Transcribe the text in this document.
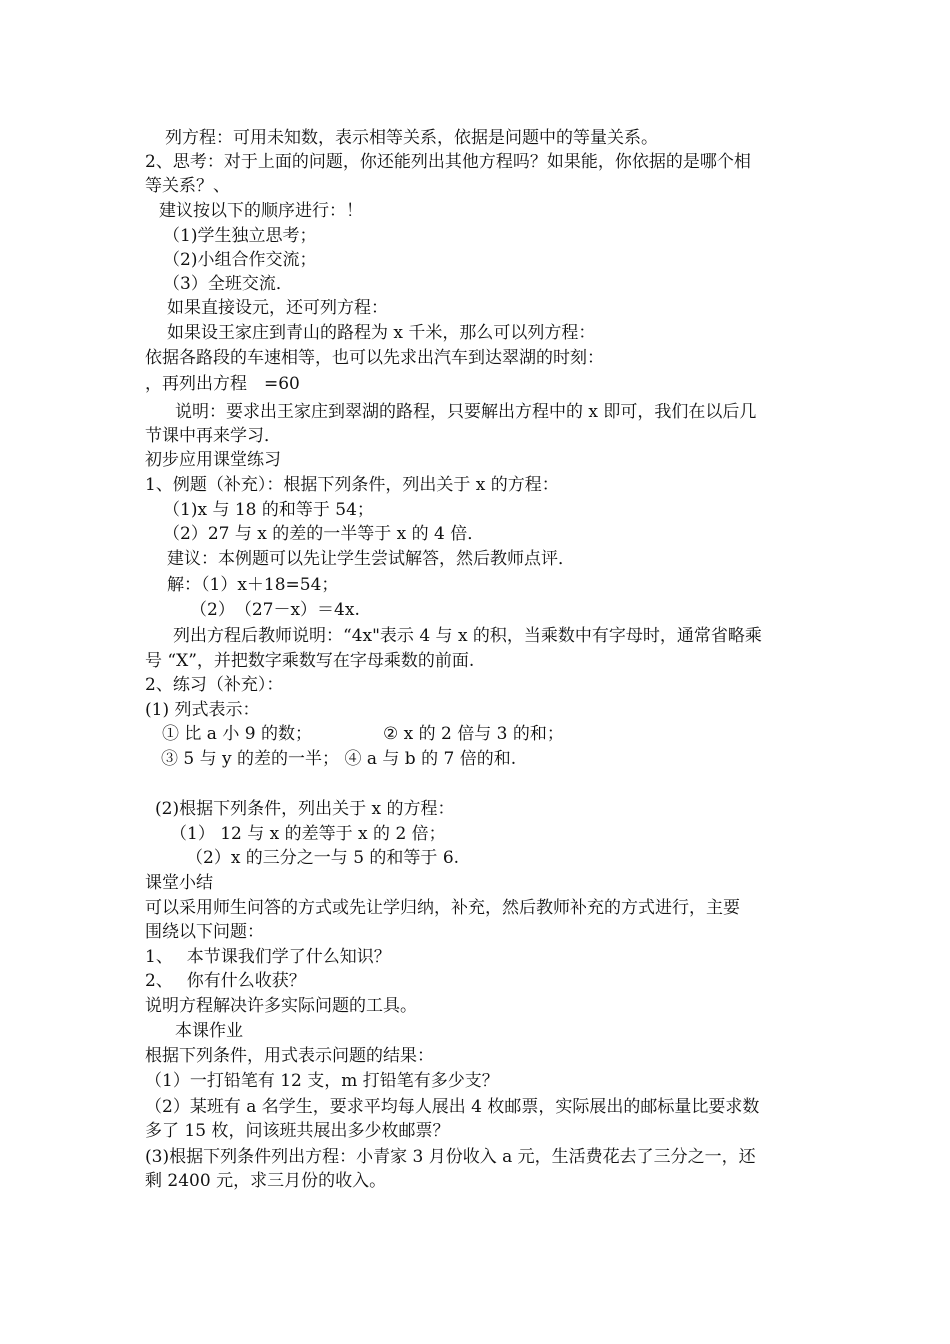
列方程：可用未知数，表示相等关系，依据是问题中的等量关系。
2、思考：对于上面的问题，你还能列出其他方程吗？如果能，你依据的是哪个相
等关系？、
建议按以下的顺序进行：！
（1)学生独立思考；
（2)小组合作交流；
（3）全班交流．
如果直接设元，还可列方程：
如果设王家庄到青山的路程为 x 千米，那么可以列方程：
依据各路段的车速相等，也可以先求出汽车到达翠湖的时刻：
，再列出方程　=60
说明：要求出王家庄到翠湖的路程，只要解出方程中的 x 即可，我们在以后几
节课中再来学习．
初步应用课堂练习
1、例题（补充）：根据下列条件，列出关于 x 的方程：
（1)x 与 18 的和等于 54；
（2）27 与 x 的差的一半等于 x 的 4 倍．
建议：本例题可以先让学生尝试解答，然后教师点评．
解：（1）x＋18=54；
（2）　（27－x）＝4x.
列出方程后教师说明：“4x"表示 4 与 x 的积，当乘数中有字母时，通常省略乘
号 “X”，并把数字乘数写在字母乘数的前面.
2、练习（补充）：
(1) 列式表示：
① 比 a 小 9 的数；	② x 的 2 倍与 3 的和；
③ 5 与 y 的差的一半； ④ a 与 b 的 7 倍的和.
(2)根据下列条件，列出关于 x 的方程：
（1） 12 与 x 的差等于 x 的 2 倍；
（2）x 的三分之一与 5 的和等于 6.
课堂小结
可以采用师生问答的方式或先让学归纳，补充，然后教师补充的方式进行，主要
围绕以下问题：
1、　 本节课我们学了什么知识？
2、　 你有什么收获？
说明方程解决许多实际问题的工具。
本课作业
根据下列条件，用式表示问题的结果：
（1）一打铅笔有 12 支，m 打铅笔有多少支？
（2）某班有 a 名学生，要求平均每人展出 4 枚邮票，实际展出的邮标量比要求数
多了 15 枚，问该班共展出多少枚邮票？
(3)根据下列条件列出方程：小青家 3 月份收入 a 元，生活费花去了三分之一，还
剩 2400 元，求三月份的收入。
